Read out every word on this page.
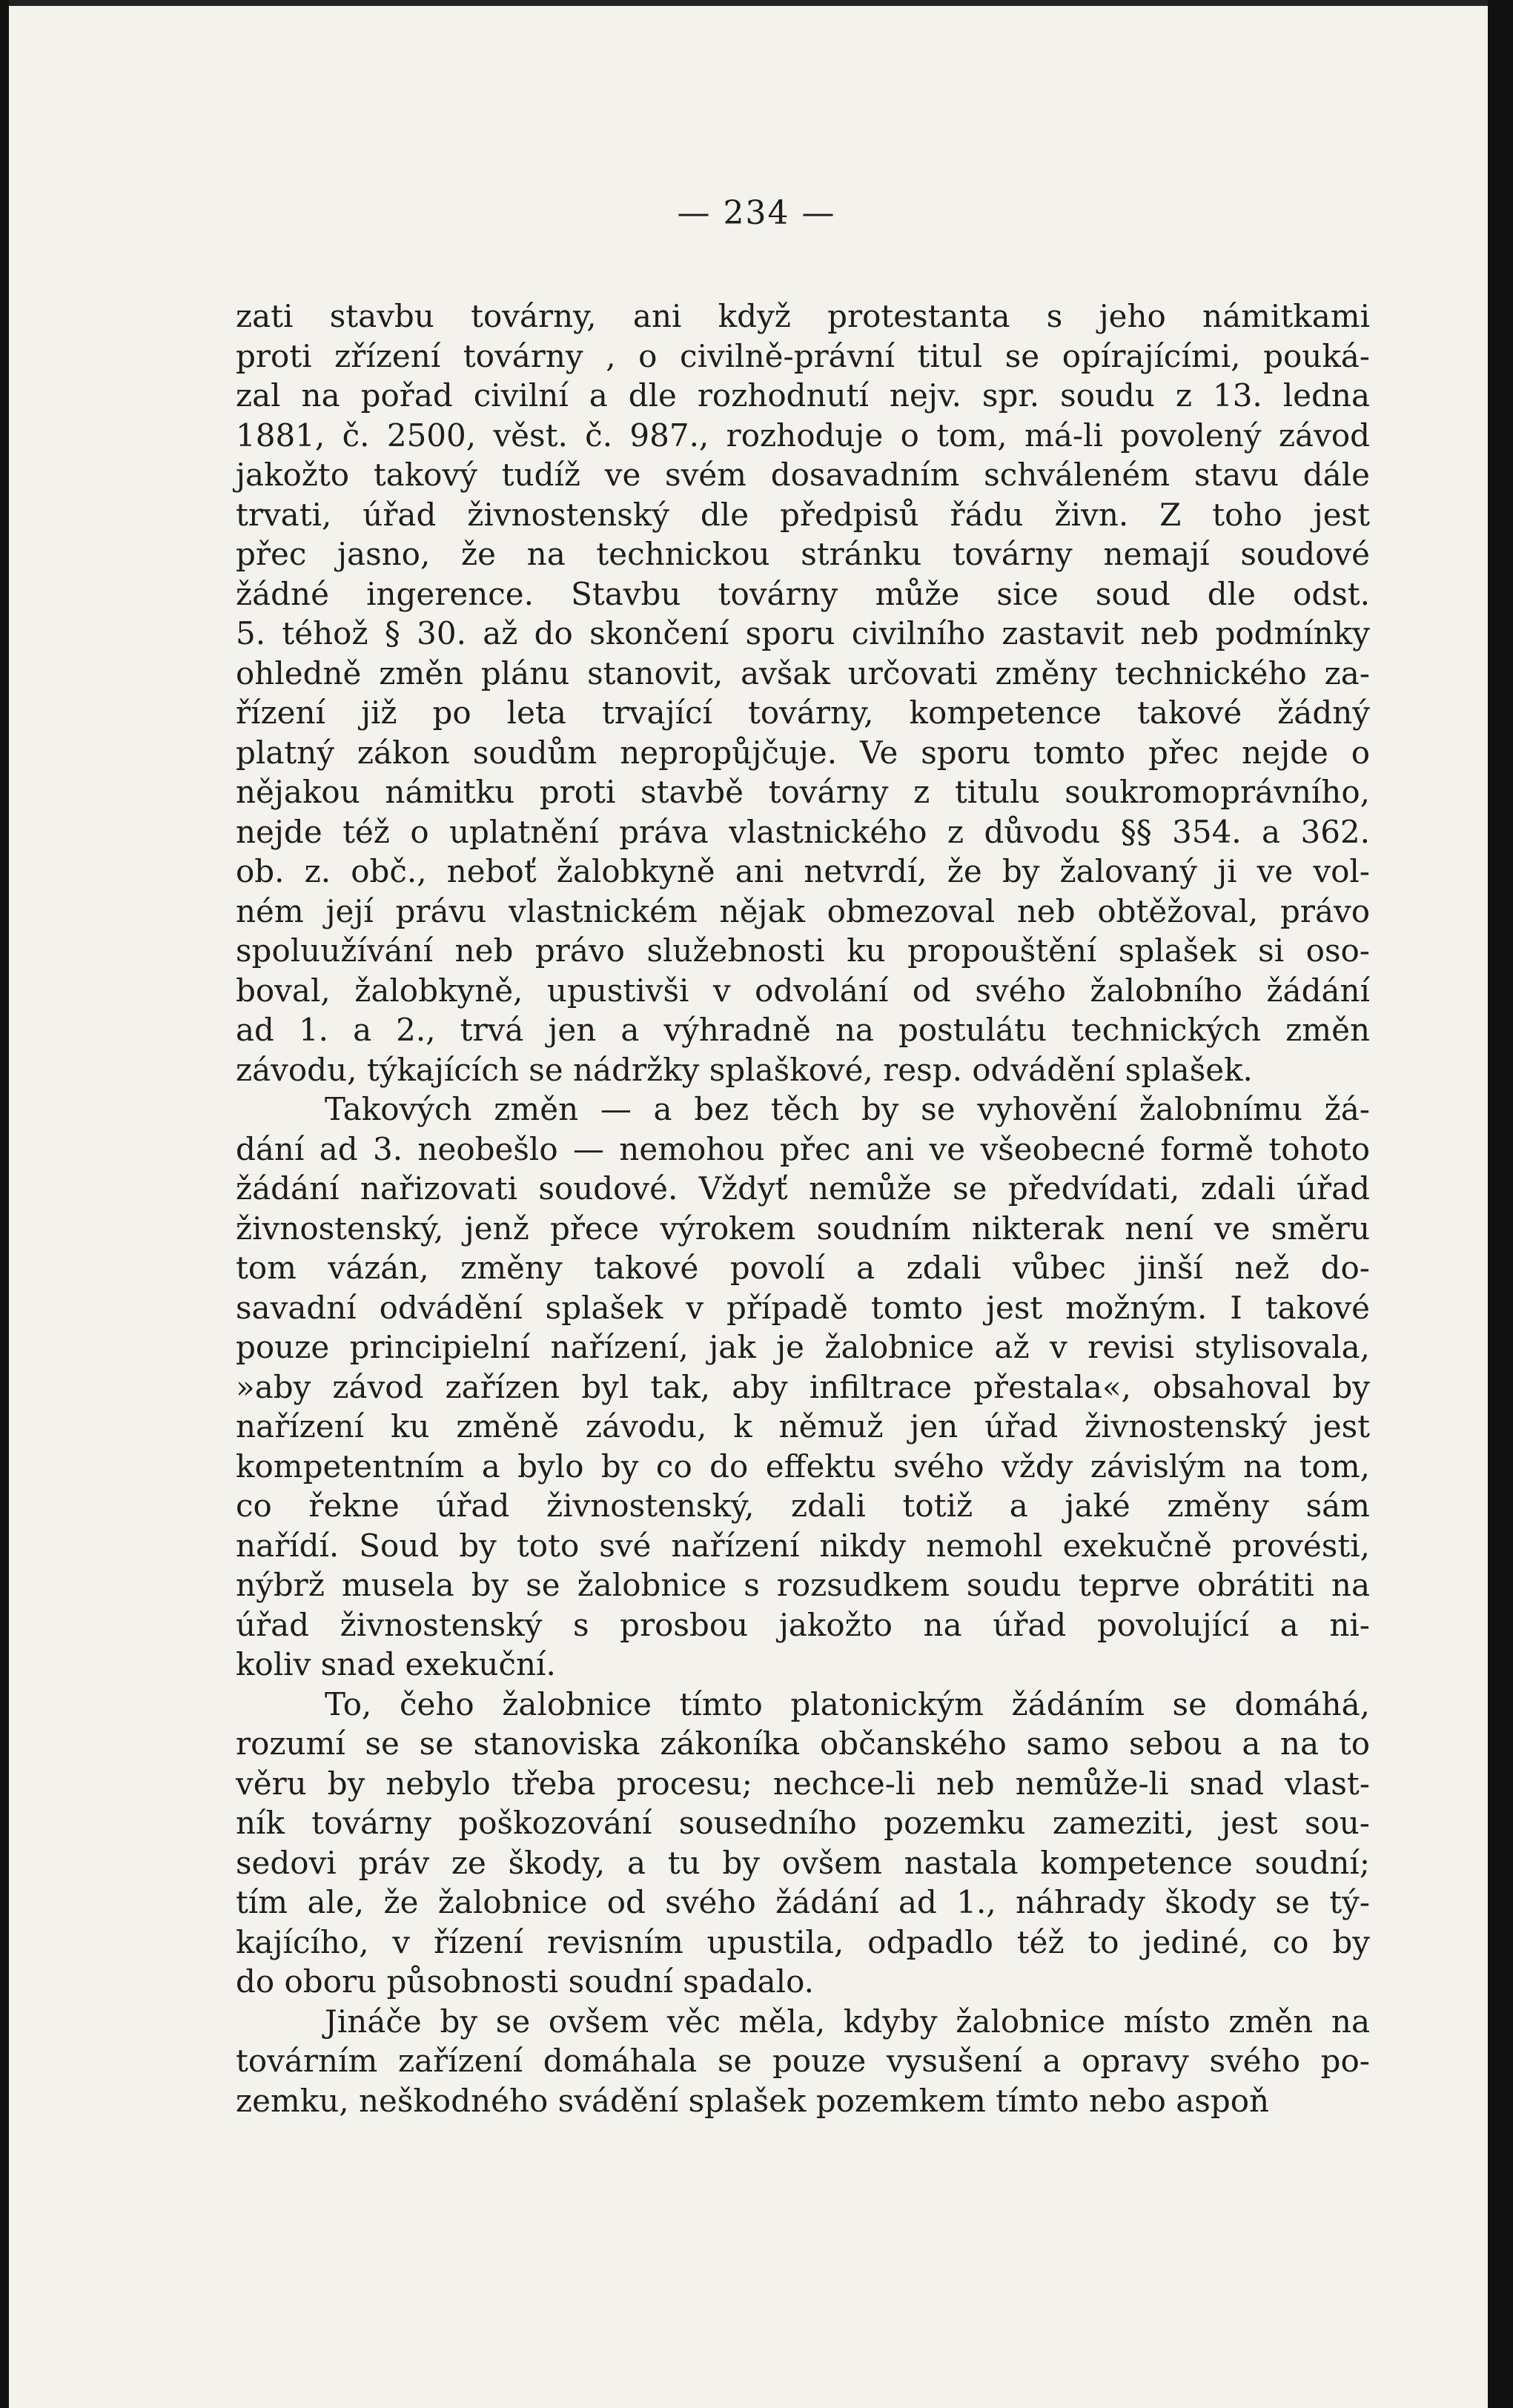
— 234 —
zati stavbu továrny, ani když protestanta s jeho námitkami
proti zřízení továrny , o civilně-právní titul se opírajícími, pouká-
zal na pořad civilní a dle rozhodnutí nejv. spr. soudu z 13. ledna
1881, č. 2500, věst. č. 987., rozhoduje o tom, má-li povolený závod
jakožto takový tudíž ve svém dosavadním schváleném stavu dále
trvati, úřad živnostenský dle předpisů řádu živn. Z toho jest
přec jasno, že na technickou stránku továrny nemají soudové
žádné ingerence. Stavbu továrny může sice soud dle odst.
5. téhož § 30. až do skončení sporu civilního zastavit neb podmínky
ohledně změn plánu stanovit, avšak určovati změny technického za-
řízení již po leta trvající továrny, kompetence takové žádný
platný zákon soudům nepropůjčuje. Ve sporu tomto přec nejde o
nějakou námitku proti stavbě továrny z titulu soukromoprávního,
nejde též o uplatnění práva vlastnického z důvodu §§ 354. a 362.
ob. z. obč., neboť žalobkyně ani netvrdí, že by žalovaný ji ve vol-
ném její právu vlastnickém nějak obmezoval neb obtěžoval, právo
spoluužívání neb právo služebnosti ku propouštění splašek si oso-
boval, žalobkyně, upustivši v odvolání od svého žalobního žádání
ad 1. a 2., trvá jen a výhradně na postulátu technických změn
závodu, týkajících se nádržky splaškové, resp. odvádění splašek.
Takových změn — a bez těch by se vyhovění žalobnímu žá-
dání ad 3. neobešlo — nemohou přec ani ve všeobecné formě tohoto
žádání nařizovati soudové. Vždyť nemůže se předvídati, zdali úřad
živnostenský, jenž přece výrokem soudním nikterak není ve směru
tom vázán, změny takové povolí a zdali vůbec jinší než do-
savadní odvádění splašek v případě tomto jest možným. I takové
pouze principielní nařízení, jak je žalobnice až v revisi stylisovala,
»aby závod zařízen byl tak, aby infiltrace přestala«, obsahoval by
nařízení ku změně závodu, k němuž jen úřad živnostenský jest
kompetentním a bylo by co do effektu svého vždy závislým na tom,
co řekne úřad živnostenský, zdali totiž a jaké změny sám
nařídí. Soud by toto své nařízení nikdy nemohl exekučně provésti,
nýbrž musela by se žalobnice s rozsudkem soudu teprve obrátiti na
úřad živnostenský s prosbou jakožto na úřad povolující a ni-
koliv snad exekuční.
To, čeho žalobnice tímto platonickým žádáním se domáhá,
rozumí se se stanoviska zákoníka občanského samo sebou a na to
věru by nebylo třeba procesu; nechce-li neb nemůže-li snad vlast-
ník továrny poškozování sousedního pozemku zameziti, jest sou-
sedovi práv ze škody, a tu by ovšem nastala kompetence soudní;
tím ale, že žalobnice od svého žádání ad 1., náhrady škody se tý-
kajícího, v řízení revisním upustila, odpadlo též to jediné, co by
do oboru působnosti soudní spadalo.
Jináče by se ovšem věc měla, kdyby žalobnice místo změn na
továrním zařízení domáhala se pouze vysušení a opravy svého po-
zemku, neškodného svádění splašek pozemkem tímto nebo aspoň
